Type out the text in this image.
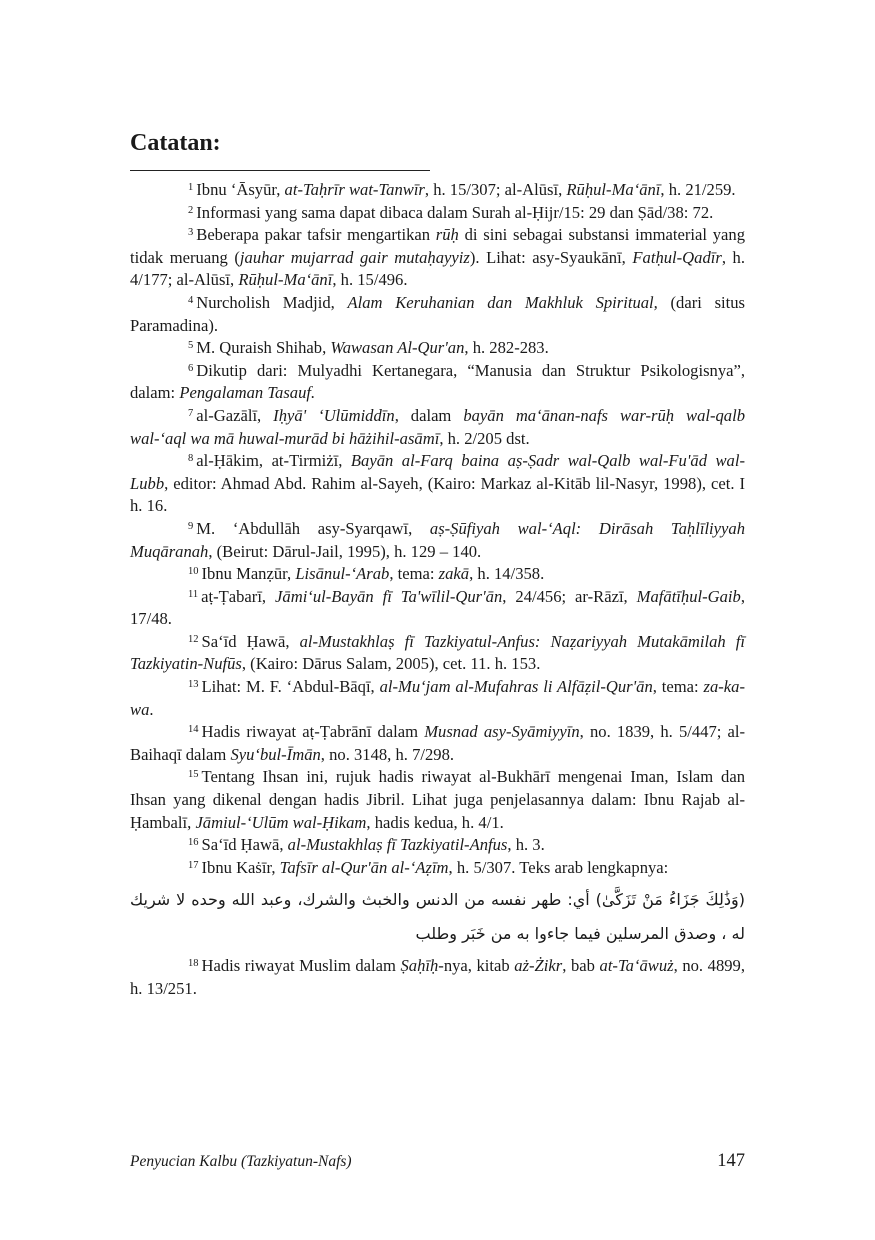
Catatan:

$^1$ Ibnu ‘Āsyūr, at-Taḥrīr wat-Tanwīr, h. 15/307; al-Alūsī, Rūḥul-Ma‘ānī, h. 21/259.

$^2$ Informasi yang sama dapat dibaca dalam Surah al-Ḥijr/15: 29 dan Ṣād/38: 72.

$^3$ Beberapa pakar tafsir mengartikan rūḥ di sini sebagai substansi immaterial yang tidak meruang (jauhar mujarrad gair mutaḥayyiz). Lihat: asy-Syaukānī, Fatḥul-Qadīr, h. 4/177; al-Alūsī, Rūḥul-Ma‘ānī, h. 15/496.

$^4$ Nurcholish Madjid, Alam Keruhanian dan Makhluk Spiritual, (dari situs Paramadina).

$^5$ M. Quraish Shihab, Wawasan Al-Qur'an, h. 282-283.

$^6$ Dikutip dari: Mulyadhi Kertanegara, “Manusia dan Struktur Psikologisnya”, dalam: Pengalaman Tasauf.

$^7$ al-Gazālī, Iḥyā' ‘Ulūmiddīn, dalam bayān ma‘ānan-nafs war-rūḥ wal-qalb wal-‘aql wa mā huwal-murād bi hāżihil-asāmī, h. 2/205 dst.

$^8$ al-Ḥākim, at-Tirmiżī, Bayān al-Farq baina aṣ-Ṣadr wal-Qalb wal-Fu'ād wal-Lubb, editor: Ahmad Abd. Rahim al-Sayeh, (Kairo: Markaz al-Kitāb lil-Nasyr, 1998), cet. I h. 16.

$^9$ M. ‘Abdullāh asy-Syarqawī, aṣ-Ṣūfiyah wal-‘Aql: Dirāsah Taḥlīliyyah Muqāranah, (Beirut: Dārul-Jail, 1995), h. 129 – 140.

$^{10}$ Ibnu Manẓūr, Lisānul-‘Arab, tema: zakā, h. 14/358.

$^{11}$ aṭ-Ṭabarī, Jāmi‘ul-Bayān fī Ta'wīlil-Qur'ān, 24/456; ar-Rāzī, Mafātīḥul-Gaib, 17/48.

$^{12}$ Sa‘īd Ḥawā, al-Mustakhlaṣ fī Tazkiyatul-Anfus: Naẓariyyah Mutakāmilah fī Tazkiyatin-Nufūs, (Kairo: Dārus Salam, 2005), cet. 11. h. 153.

$^{13}$ Lihat: M. F. ‘Abdul-Bāqī, al-Mu‘jam al-Mufahras li Alfāẓil-Qur'ān, tema: za-ka-wa.

$^{14}$ Hadis riwayat aṭ-Ṭabrānī dalam Musnad asy-Syāmiyyīn, no. 1839, h. 5/447; al-Baihaqī dalam Syu‘bul-Īmān, no. 3148, h. 7/298.

$^{15}$ Tentang Ihsan ini, rujuk hadis riwayat al-Bukhārī mengenai Iman, Islam dan Ihsan yang dikenal dengan hadis Jibril. Lihat juga penjelasannya dalam: Ibnu Rajab al-Ḥambalī, Jāmiul-‘Ulūm wal-Ḥikam, hadis kedua, h. 4/1.

$^{16}$ Sa‘īd Ḥawā, al-Mustakhlaṣ fī Tazkiyatil-Anfus, h. 3.

$^{17}$ Ibnu Kaṡīr, Tafsīr al-Qur'ān al-‘Aẓīm, h. 5/307. Teks arab lengkapnya:

(وَذَٰلِكَ جَزَاءُ مَنْ تَزَكَّىٰ) أي: طهر نفسه من الدنس والخبث والشرك، وعبد الله وحده لا شريك له ، وصدق المرسلين فيما جاءوا به من خَبَر وطلب

$^{18}$ Hadis riwayat Muslim dalam Ṣaḥīḥ-nya, kitab aż-Żikr, bab at-Ta‘āwuż, no. 4899, h. 13/251.

Penyucian Kalbu (Tazkiyatun-Nafs)	147
